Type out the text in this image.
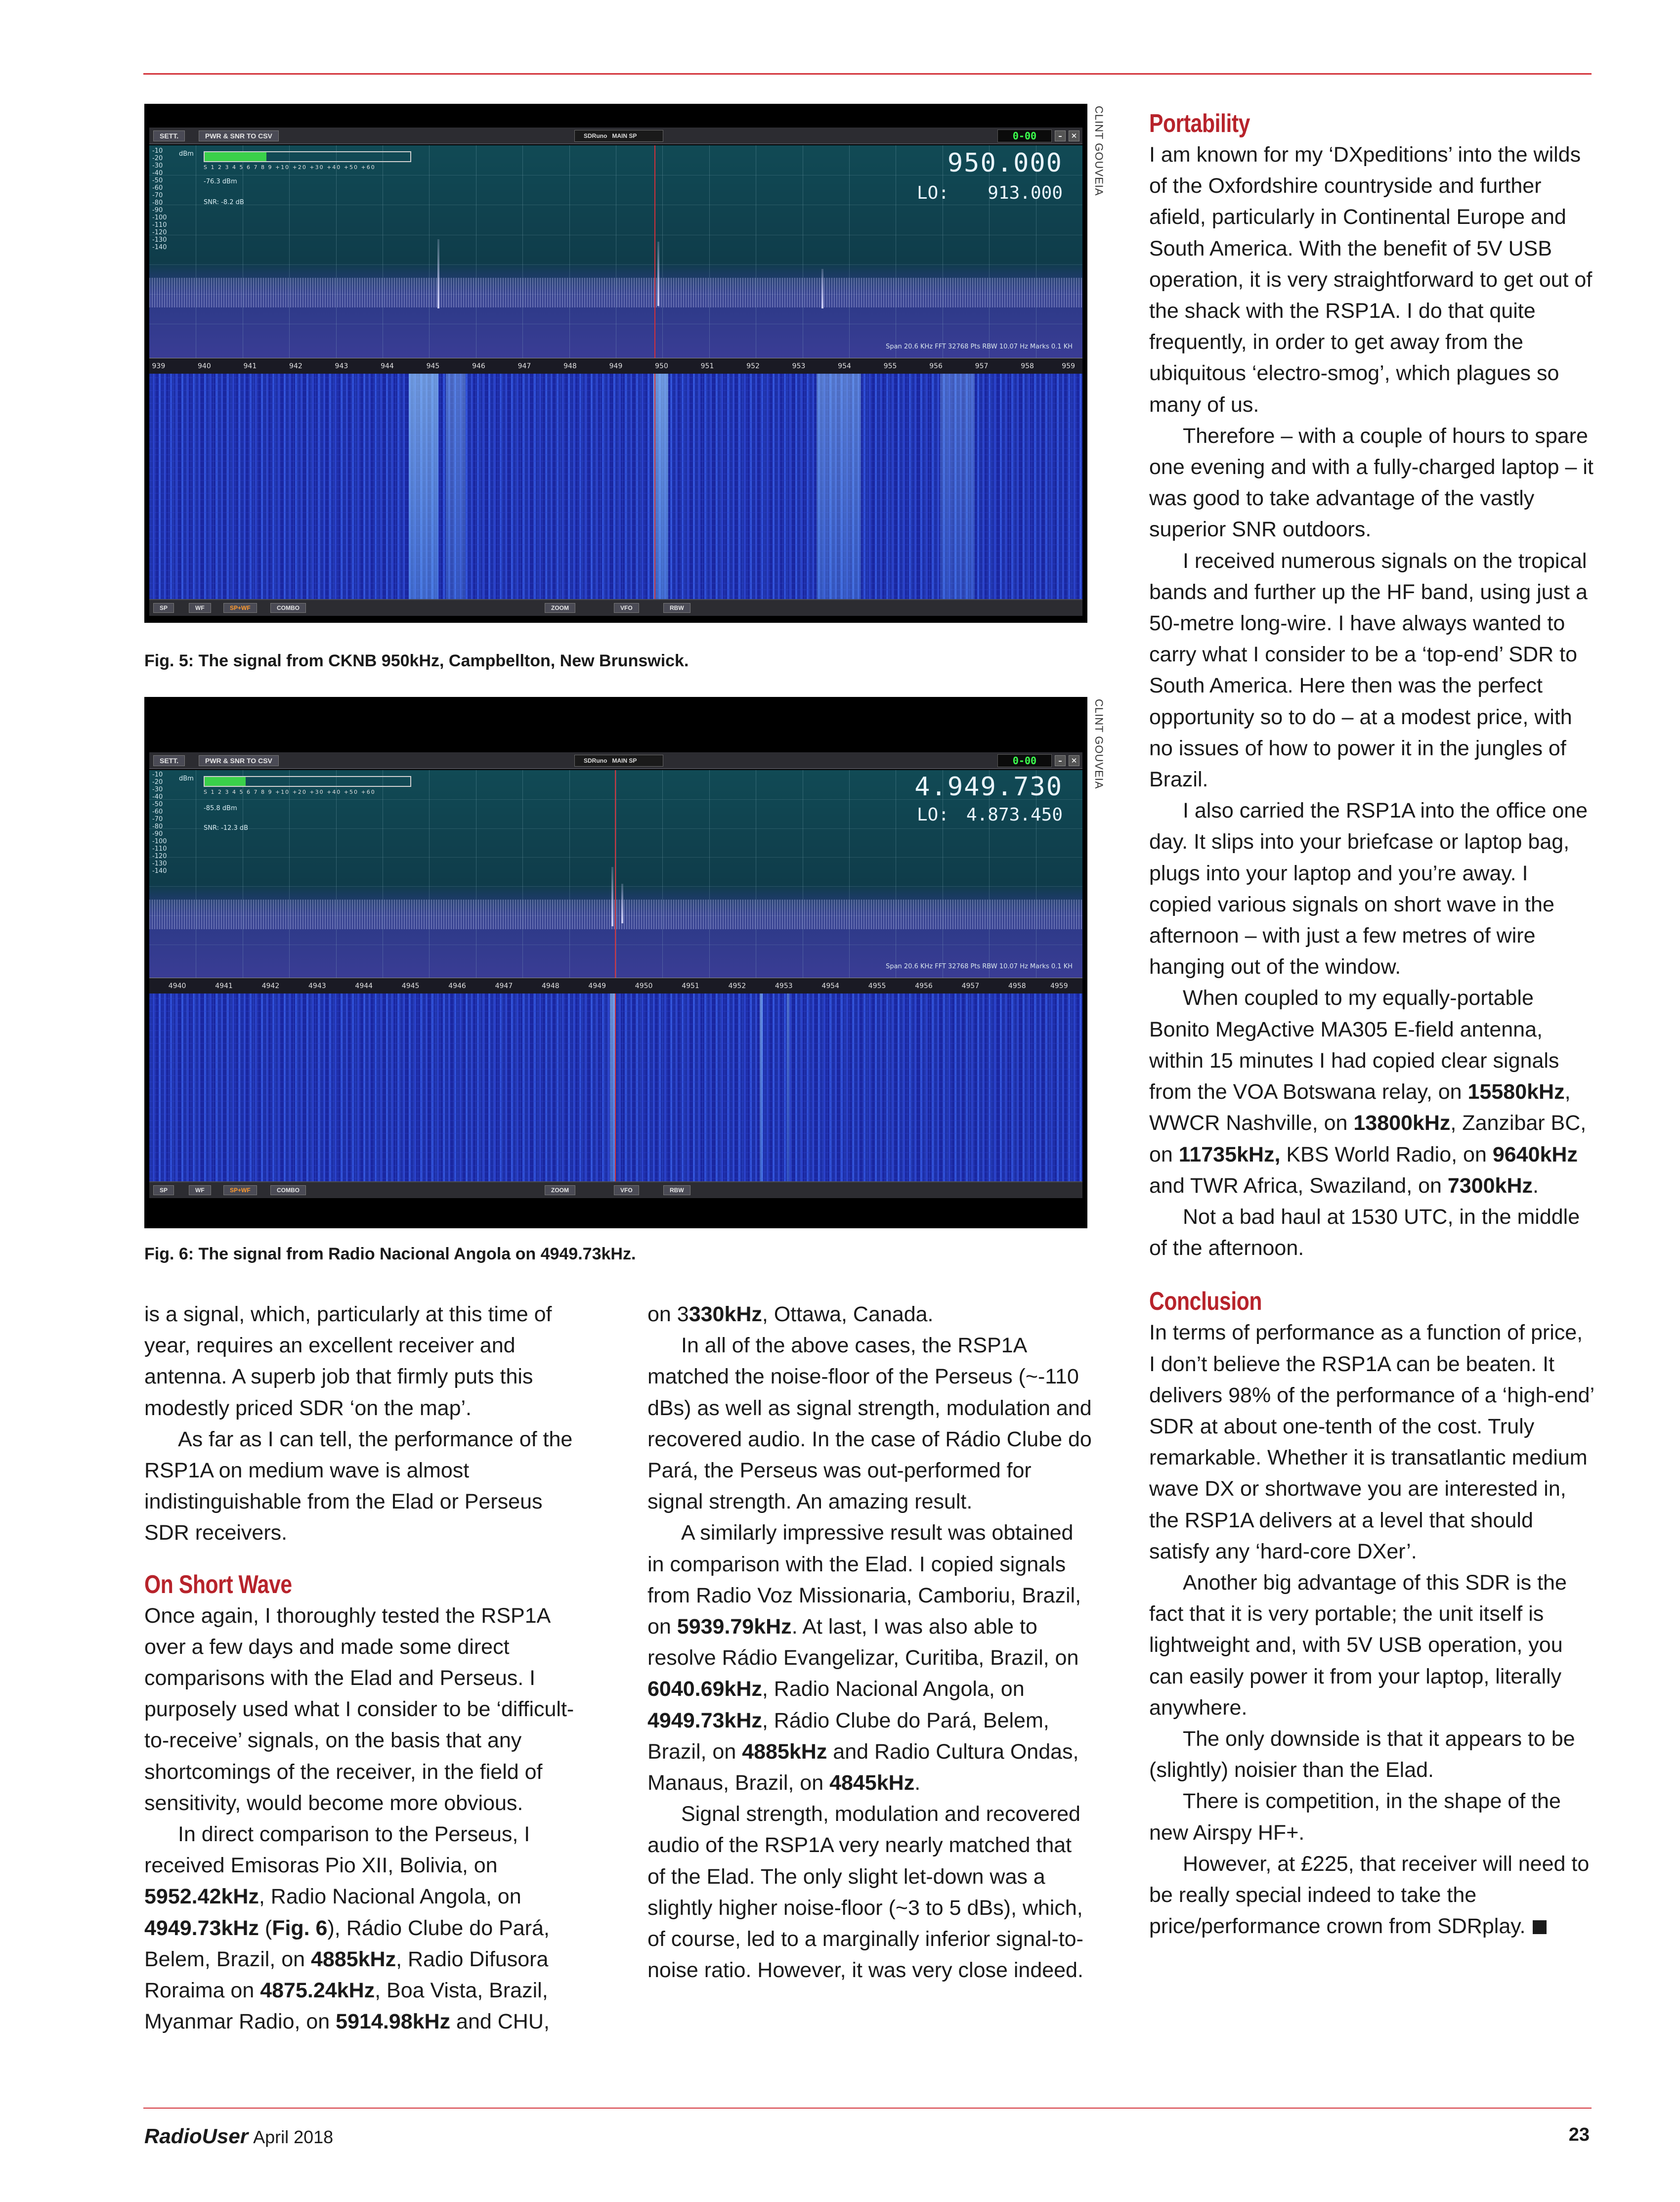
SETT.	PWR & SNR TO CSV	SDRuno MAIN SP	0-00	–	✕
-10
-20
-30
-40
-50
-60
-70
-80
-90
-100
-110
-120
-130
-140
dBm
S 1 2 3 4 5 6 7 8 9 +10 +20 +30 +40 +50 +60
-76.3 dBm
SNR: -8.2 dB
950.000
LO: 913.000
Span 20.6 KHz FFT 32768 Pts RBW 10.07 Hz Marks 0.1 KH
939	940	941	942	943	944	945	946	947	948	949	950	951	952	953	954	955	956	957	958	959
SP	WF	SP+WF	COMBO	ZOOM	VFO	RBW
CLINT GOUVEIA
Fig. 5: The signal from CKNB 950kHz, Campbellton, New Brunswick.
SETT.	PWR & SNR TO CSV	SDRuno MAIN SP	0-00	–	✕
-10
-20
-30
-40
-50
-60
-70
-80
-90
-100
-110
-120
-130
-140
dBm
S 1 2 3 4 5 6 7 8 9 +10 +20 +30 +40 +50 +60
-85.8 dBm
SNR: -12.3 dB
4.949.730
LO: 4.873.450
Span 20.6 KHz FFT 32768 Pts RBW 10.07 Hz Marks 0.1 KH
4940	4941	4942	4943	4944	4945	4946	4947	4948	4949	4950	4951	4952	4953	4954	4955	4956	4957	4958	4959
SP	WF	SP+WF	COMBO	ZOOM	VFO	RBW
CLINT GOUVEIA
Fig. 6: The signal from Radio Nacional Angola on 4949.73kHz.

is a signal, which, particularly at this time of year, requires an excellent receiver and antenna. A superb job that firmly puts this modestly priced SDR ‘on the map’.

As far as I can tell, the performance of the RSP1A on medium wave is almost indistinguishable from the Elad or Perseus SDR receivers.

On Short Wave

Once again, I thoroughly tested the RSP1A over a few days and made some direct comparisons with the Elad and Perseus. I purposely used what I consider to be ‘difficult-to-receive’ signals, on the basis that any shortcomings of the receiver, in the field of sensitivity, would become more obvious.

In direct comparison to the Perseus, I received Emisoras Pio XII, Bolivia, on 5952.42kHz, Radio Nacional Angola, on 4949.73kHz (Fig. 6), Rádio Clube do Pará, Belem, Brazil, on 4885kHz, Radio Difusora Roraima on 4875.24kHz, Boa Vista, Brazil, Myanmar Radio, on 5914.98kHz and CHU,

on 3330kHz, Ottawa, Canada.

In all of the above cases, the RSP1A matched the noise-floor of the Perseus (~-110 dBs) as well as signal strength, modulation and recovered audio. In the case of Rádio Clube do Pará, the Perseus was out-performed for signal strength. An amazing result.

A similarly impressive result was obtained in comparison with the Elad. I copied signals from Radio Voz Missionaria, Camboriu, Brazil, on 5939.79kHz. At last, I was also able to resolve Rádio Evangelizar, Curitiba, Brazil, on 6040.69kHz, Radio Nacional Angola, on 4949.73kHz, Rádio Clube do Pará, Belem, Brazil, on 4885kHz and Radio Cultura Ondas, Manaus, Brazil, on 4845kHz.

Signal strength, modulation and recovered audio of the RSP1A very nearly matched that of the Elad. The only slight let-down was a slightly higher noise-floor (~3 to 5 dBs), which, of course, led to a marginally inferior signal-to-noise ratio. However, it was very close indeed.

Portability

I am known for my ‘DXpeditions’ into the wilds of the Oxfordshire countryside and further afield, particularly in Continental Europe and South America. With the benefit of 5V USB operation, it is very straightforward to get out of the shack with the RSP1A. I do that quite frequently, in order to get away from the ubiquitous ‘electro-smog’, which plagues so many of us.

Therefore – with a couple of hours to spare one evening and with a fully-charged laptop – it was good to take advantage of the vastly superior SNR outdoors.

I received numerous signals on the tropical bands and further up the HF band, using just a 50-metre long-wire. I have always wanted to carry what I consider to be a ‘top-end’ SDR to South America. Here then was the perfect opportunity so to do – at a modest price, with no issues of how to power it in the jungles of Brazil.

I also carried the RSP1A into the office one day. It slips into your briefcase or laptop bag, plugs into your laptop and you’re away. I copied various signals on short wave in the afternoon – with just a few metres of wire hanging out of the window.

When coupled to my equally-portable Bonito MegActive MA305 E-field antenna, within 15 minutes I had copied clear signals from the VOA Botswana relay, on 15580kHz, WWCR Nashville, on 13800kHz, Zanzibar BC, on 11735kHz, KBS World Radio, on 9640kHz and TWR Africa, Swaziland, on 7300kHz.

Not a bad haul at 1530 UTC, in the middle of the afternoon.

Conclusion

In terms of performance as a function of price, I don’t believe the RSP1A can be beaten. It delivers 98% of the performance of a ‘high-end’ SDR at about one-tenth of the cost. Truly remarkable. Whether it is transatlantic medium wave DX or shortwave you are interested in, the RSP1A delivers at a level that should satisfy any ‘hard-core DXer’.

Another big advantage of this SDR is the fact that it is very portable; the unit itself is lightweight and, with 5V USB operation, you can easily power it from your laptop, literally anywhere.

The only downside is that it appears to be (slightly) noisier than the Elad.

There is competition, in the shape of the new Airspy HF+.

However, at £225, that receiver will need to be really special indeed to take the price/performance crown from SDRplay.

RadioUser April 2018	23
